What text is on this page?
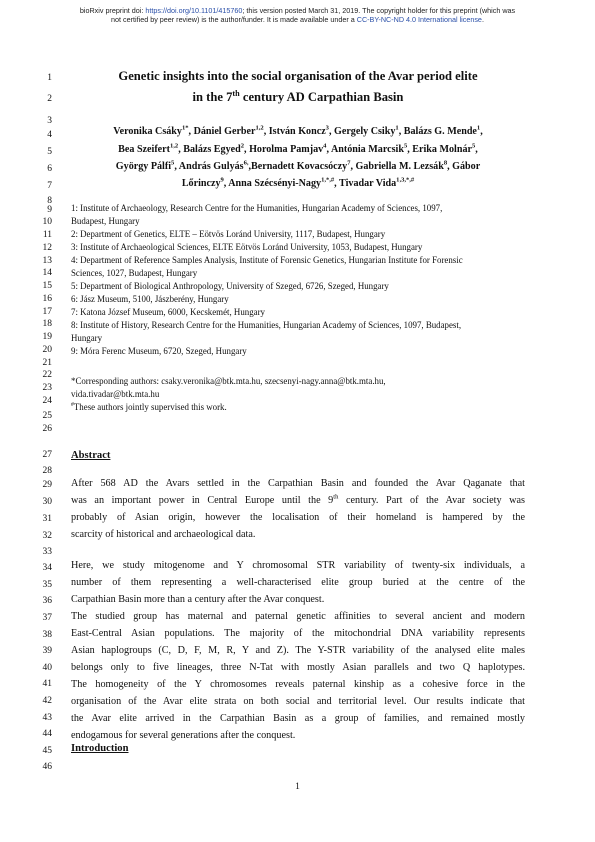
bioRxiv preprint doi: https://doi.org/10.1101/415760; this version posted March 31, 2019. The copyright holder for this preprint (which was
not certified by peer review) is the author/funder. It is made available under a CC-BY-NC-ND 4.0 International license.
1
2
3
4
5
6
7
8
9
10
11
12
13
14
15
16
17
18
19
20
21
22
23
24
25
26
27
28
29
30
31
32
33
34
35
36
37
38
39
40
41
42
43
44
45
46
Genetic insights into the social organisation of the Avar period elite
in the 7th century AD Carpathian Basin
Veronika Csáky$^{1*}$, Dániel Gerber$^{1,2}$, István Koncz$^3$, Gergely Csiky$^1$, Balázs G. Mende$^1$,
Bea Szeifert$^{1,2}$, Balázs Egyed$^2$, Horolma Pamjav$^4$, Antónia Marcsik$^5$, Erika Molnár$^5$,
György Pálfi$^5$, András Gulyás$^{6,}$,Bernadett Kovacsóczy$^7$, Gabriella M. Lezsák$^8$, Gábor
Lőrinczy$^9$, Anna Szécsényi-Nagy$^{1,*,\#}$, Tivadar Vida$^{1,3,*,\#}$
1: Institute of Archaeology, Research Centre for the Humanities, Hungarian Academy of Sciences, 1097,
Budapest, Hungary
2: Department of Genetics, ELTE – Eötvös Loránd University, 1117, Budapest, Hungary
3: Institute of Archaeological Sciences, ELTE Eötvös Loránd University, 1053, Budapest, Hungary
4: Department of Reference Samples Analysis, Institute of Forensic Genetics, Hungarian Institute for Forensic
Sciences, 1027, Budapest, Hungary
5: Department of Biological Anthropology, University of Szeged, 6726, Szeged, Hungary
6: Jász Museum, 5100, Jászberény, Hungary
7: Katona József Museum, 6000, Kecskemét, Hungary
8: Institute of History, Research Centre for the Humanities, Hungarian Academy of Sciences, 1097, Budapest,
Hungary
9: Móra Ferenc Museum, 6720, Szeged, Hungary
*Corresponding authors: csaky.veronika@btk.mta.hu, szecsenyi-nagy.anna@btk.mta.hu,
vida.tivadar@btk.mta.hu
#These authors jointly supervised this work.
Abstract
After 568 AD the Avars settled in the Carpathian Basin and founded the Avar Qaganate that
was an important power in Central Europe until the 9th century. Part of the Avar society was
probably of Asian origin, however the localisation of their homeland is hampered by the
scarcity of historical and archaeological data.
Here, we study mitogenome and Y chromosomal STR variability of twenty-six individuals, a
number of them representing a well-characterised elite group buried at the centre of the
Carpathian Basin more than a century after the Avar conquest.
The studied group has maternal and paternal genetic affinities to several ancient and modern
East-Central Asian populations. The majority of the mitochondrial DNA variability represents
Asian haplogroups (C, D, F, M, R, Y and Z). The Y-STR variability of the analysed elite males
belongs only to five lineages, three N-Tat with mostly Asian parallels and two Q haplotypes.
The homogeneity of the Y chromosomes reveals paternal kinship as a cohesive force in the
organisation of the Avar elite strata on both social and territorial level. Our results indicate that
the Avar elite arrived in the Carpathian Basin as a group of families, and remained mostly
endogamous for several generations after the conquest.
Introduction
1
